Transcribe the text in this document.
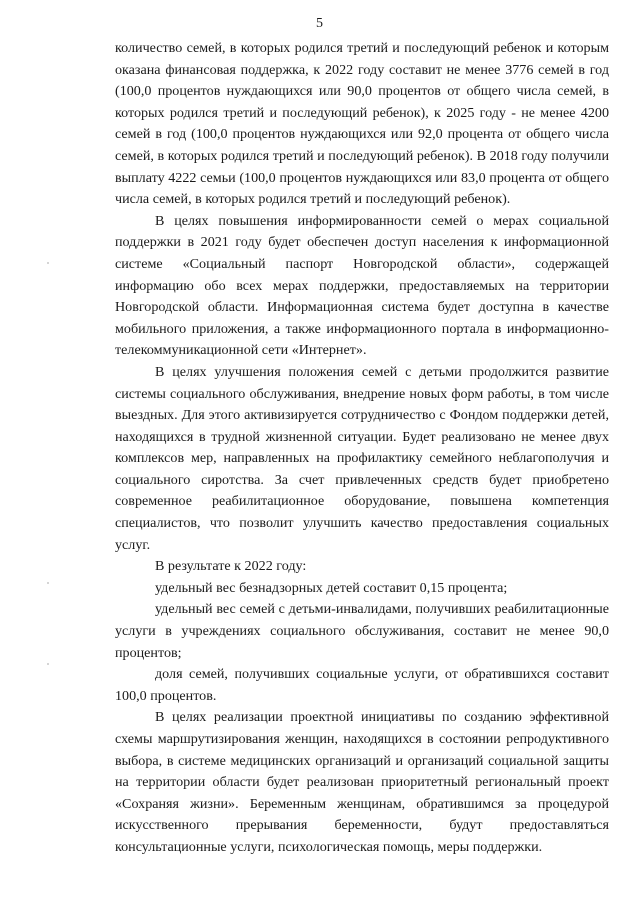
5

количество семей, в которых родился третий и последующий ребенок и которым оказана финансовая поддержка, к 2022 году составит не менее 3776 семей в год (100,0 процентов нуждающихся или 90,0 процентов от общего числа семей, в которых родился третий и последующий ребенок), к 2025 году - не менее 4200 семей в год (100,0 процентов нуждающихся или 92,0 процента от общего числа семей, в которых родился третий и последующий ребенок). В 2018 году получили выплату 4222 семьи (100,0 процентов нуждающихся или 83,0 процента от общего числа семей, в которых родился третий и последующий ребенок).

В целях повышения информированности семей о мерах социальной поддержки в 2021 году будет обеспечен доступ населения к информационной системе «Социальный паспорт Новгородской области», содержащей информацию обо всех мерах поддержки, предоставляемых на территории Новгородской области. Информационная система будет доступна в качестве мобильного приложения, а также информационного портала в информационно-телекоммуникационной сети «Интернет».

В целях улучшения положения семей с детьми продолжится развитие системы социального обслуживания, внедрение новых форм работы, в том числе выездных. Для этого активизируется сотрудничество с Фондом поддержки детей, находящихся в трудной жизненной ситуации. Будет реализовано не менее двух комплексов мер, направленных на профилактику семейного неблагополучия и социального сиротства. За счет привлеченных средств будет приобретено современное реабилитационное оборудование, повышена компетенция специалистов, что позволит улучшить качество предоставления социальных услуг.

В результате к 2022 году:

удельный вес безнадзорных детей составит 0,15 процента;

удельный вес семей с детьми-инвалидами, получивших реабилитационные услуги в учреждениях социального обслуживания, составит не менее 90,0 процентов;

доля семей, получивших социальные услуги, от обратившихся составит 100,0 процентов.

В целях реализации проектной инициативы по созданию эффективной схемы маршрутизирования женщин, находящихся в состоянии репродуктивного выбора, в системе медицинских организаций и организаций социальной защиты на территории области будет реализован приоритетный региональный проект «Сохраняя жизни». Беременным женщинам, обратившимся за процедурой искусственного прерывания беременности, будут предоставляться консультационные услуги, психологическая помощь, меры поддержки.
